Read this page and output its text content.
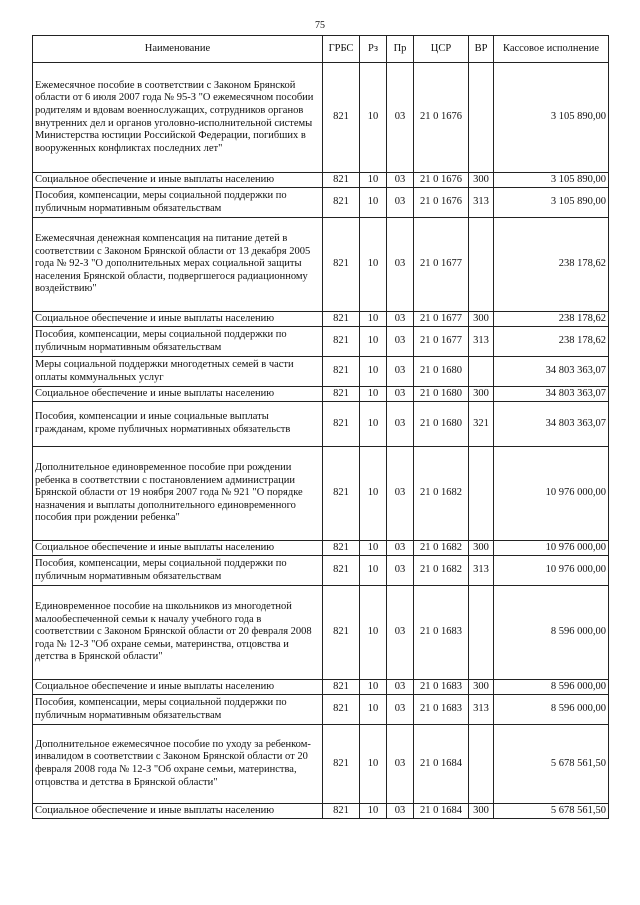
75
Наименование	ГРБС	Рз	Пр	ЦСР	ВР	Кассовое исполнение
Ежемесячное пособие в соответствии с Законом Брянской области от 6 июля 2007 года № 95-З "О ежемесячном пособии родителям и вдовам военнослужащих, сотрудников органов внутренних дел и органов уголовно-исполнительной системы Министерства юстиции Российской Федерации, погибших в вооруженных конфликтах последних лет"	821	10	03	21 0 1676		3 105 890,00
Социальное обеспечение и иные выплаты населению	821	10	03	21 0 1676	300	3 105 890,00
Пособия, компенсации, меры социальной поддержки по публичным нормативным обязательствам	821	10	03	21 0 1676	313	3 105 890,00
Ежемесячная денежная компенсация на питание детей в соответствии с Законом Брянской области от 13 декабря 2005 года № 92-З "О дополнительных мерах социальной защиты населения Брянской области, подвергшегося радиационному воздействию"	821	10	03	21 0 1677		238 178,62
Социальное обеспечение и иные выплаты населению	821	10	03	21 0 1677	300	238 178,62
Пособия, компенсации, меры социальной поддержки по публичным нормативным обязательствам	821	10	03	21 0 1677	313	238 178,62
Меры социальной поддержки многодетных семей в части оплаты коммунальных услуг	821	10	03	21 0 1680		34 803 363,07
Социальное обеспечение и иные выплаты населению	821	10	03	21 0 1680	300	34 803 363,07
Пособия, компенсации и иные социальные выплаты гражданам, кроме публичных нормативных обязательств	821	10	03	21 0 1680	321	34 803 363,07
Дополнительное единовременное пособие при рождении ребенка в соответствии с постановлением администрации Брянской области от 19 ноября 2007 года № 921 "О порядке назначения и выплаты дополнительного единовременного пособия при рождении ребенка"	821	10	03	21 0 1682		10 976 000,00
Социальное обеспечение и иные выплаты населению	821	10	03	21 0 1682	300	10 976 000,00
Пособия, компенсации, меры социальной поддержки по публичным нормативным обязательствам	821	10	03	21 0 1682	313	10 976 000,00
Единовременное пособие на школьников из многодетной малообеспеченной семьи к началу учебного года в соответствии с Законом Брянской области от 20 февраля 2008 года № 12-З "Об охране семьи, материнства, отцовства и детства в Брянской области"	821	10	03	21 0 1683		8 596 000,00
Социальное обеспечение и иные выплаты населению	821	10	03	21 0 1683	300	8 596 000,00
Пособия, компенсации, меры социальной поддержки по публичным нормативным обязательствам	821	10	03	21 0 1683	313	8 596 000,00
Дополнительное ежемесячное пособие по уходу за ребенком-инвалидом в соответствии с Законом Брянской области от 20 февраля 2008 года № 12-З "Об охране семьи, материнства, отцовства и детства в Брянской области"	821	10	03	21 0 1684		5 678 561,50
Социальное обеспечение и иные выплаты населению	821	10	03	21 0 1684	300	5 678 561,50
